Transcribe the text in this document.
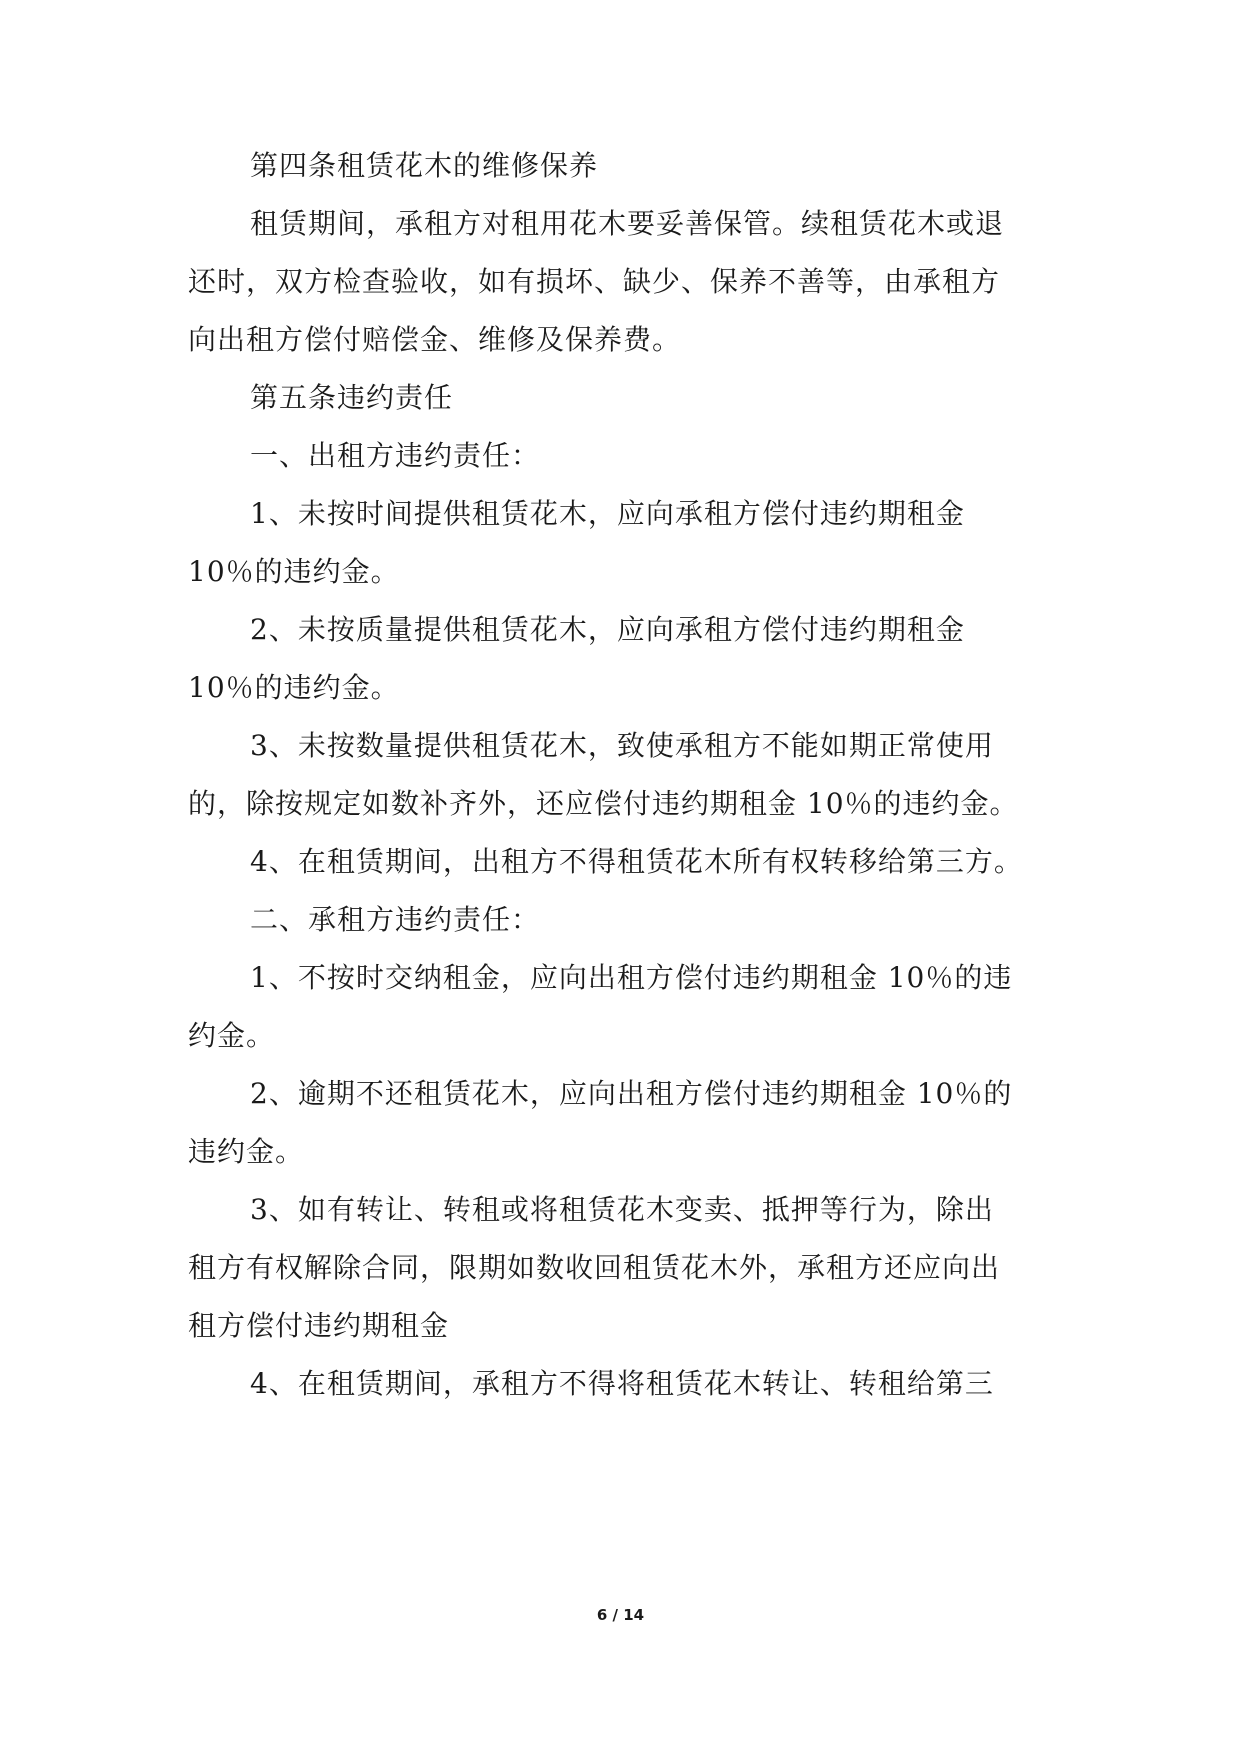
第四条租赁花木的维修保养
租赁期间，承租方对租用花木要妥善保管。续租赁花木或退
还时，双方检查验收，如有损坏、缺少、保养不善等，由承租方
向出租方偿付赔偿金、维修及保养费。
第五条违约责任
一、出租方违约责任：
1、未按时间提供租赁花木，应向承租方偿付违约期租金
10％的违约金。
2、未按质量提供租赁花木，应向承租方偿付违约期租金
10％的违约金。
3、未按数量提供租赁花木，致使承租方不能如期正常使用
的，除按规定如数补齐外，还应偿付违约期租金 10％的违约金。
4、在租赁期间，出租方不得租赁花木所有权转移给第三方。
二、承租方违约责任：
1、不按时交纳租金，应向出租方偿付违约期租金 10％的违
约金。
2、逾期不还租赁花木，应向出租方偿付违约期租金 10％的
违约金。
3、如有转让、转租或将租赁花木变卖、抵押等行为，除出
租方有权解除合同，限期如数收回租赁花木外，承租方还应向出
租方偿付违约期租金
4、在租赁期间，承租方不得将租赁花木转让、转租给第三
6 / 14
